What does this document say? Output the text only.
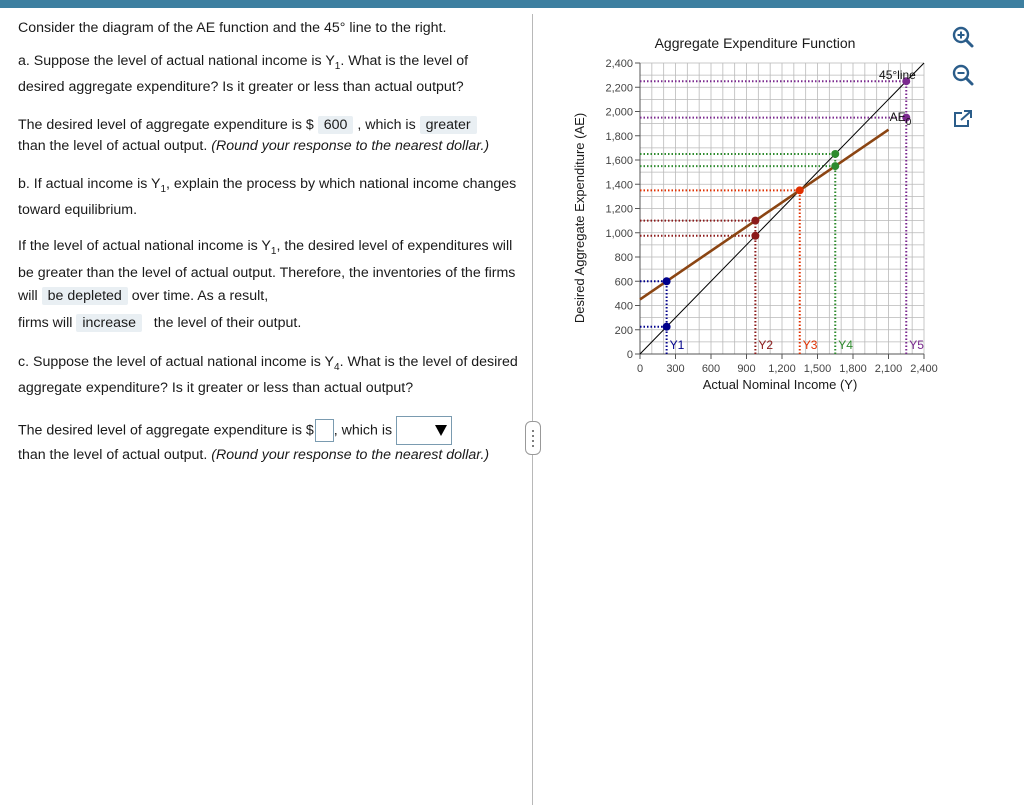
Consider the diagram of the AE function and the 45° line to the right.

a. Suppose the level of actual national income is $Y_1$. What is the level of desired aggregate expenditure? Is it greater or less than actual output?

The desired level of aggregate expenditure is $ 600 , which is greater
than the level of actual output. (Round your response to the nearest dollar.)

b. If actual income is $Y_1$, explain the process by which national income changes toward equilibrium.

If the level of actual national income is $Y_1$, the desired level of expenditures will be greater than the level of actual output. Therefore, the inventories of the firms will be depleted over time. As a result,

firms will increase the level of their output.

c. Suppose the level of actual national income is $Y_4$. What is the level of desired aggregate expenditure? Is it greater or less than actual output?

The desired level of aggregate expenditure is $ , which is

than the level of actual output. (Round your response to the nearest dollar.)

0
200
400
600
800
1,000
1,200
1,400
1,600
1,800
2,000
2,200
2,400
0 300 600 900 1,200 1,500 1,800 2,100 2,400
Y1	Y2 Y3 Y4	Y5
45°line
$AE_0$
Aggregate Expenditure Function
Actual Nominal Income (Y)
Desired Aggregate Expenditure (AE)
